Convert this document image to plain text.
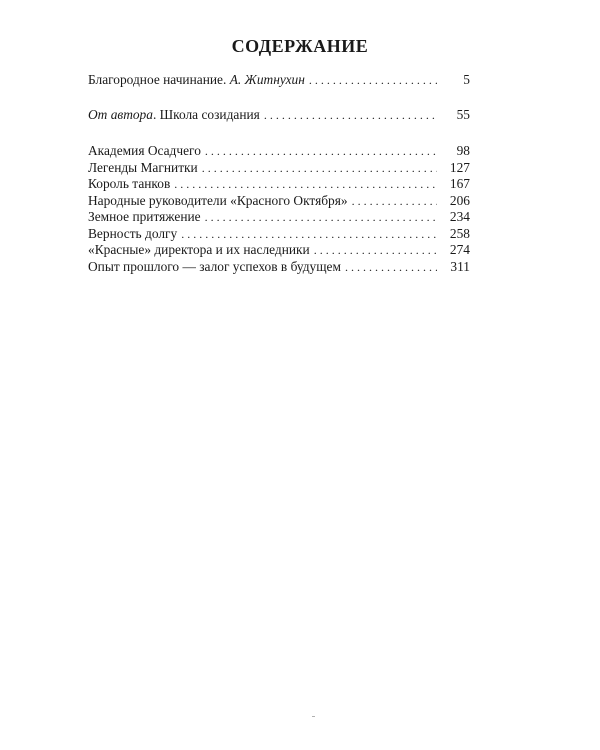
СОДЕРЖАНИЕ
Благородное начинание. А. Житнухин . . .	5
От автора. Школа созидания . . .	55
Академия Осадчего . . .	98
Легенды Магнитки . . .	127
Король танков . . .	167
Народные руководители «Красного Октября» . . .	206
Земное притяжение . . .	234
Верность долгу . . .	258
«Красные» директора и их наследники . . .	274
Опыт прошлого — залог успехов в будущем . . .	311
